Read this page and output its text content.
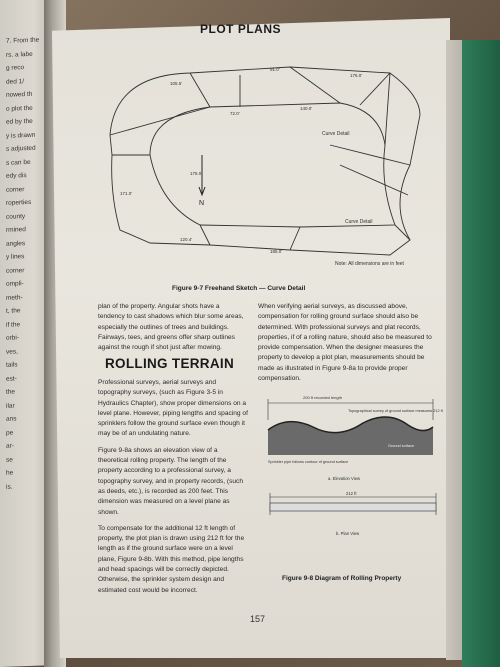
7. From the
rs. a labe
g reco
ded 1/
nowed th
o plot the
ed by the
y is drawn
s adjusted
s can be
edy dis
corner
roperties
county
rmined
angles
y lines
corner
ompli-
meth-
t, the
if the
orbi-
ves,
tails
est-
the
ilar
ans
pe
ar-
se
he
is.
PLOT PLANS
105.5'
91.0'
176.0'
171.0'
120.4'
185.0'
72.0'
140.0'
175.0'
Curve Detail
Curve Detail
N
Note: All dimensions are in feet
Figure 9-7 Freehand Sketch — Curve Detail

plan of the property. Angular shots have a tendency to cast shadows which blur some areas, especially the outlines of trees and buildings. Fairways, tees, and greens offer sharp outlines against the rough if shot just after mowing.

ROLLING TERRAIN

Professional surveys, aerial surveys and topography surveys, (such as Figure 3-5 in Hydraulics Chapter), show proper dimensions on a level plane. However, piping lengths and spacing of sprinklers follow the ground surface even though it may be of an undulating nature.

Figure 9-8a shows an elevation view of a theoretical rolling property. The length of the property according to a professional survey, a topography survey, and in property records, (such as deeds, etc.), is recorded as 200 feet. This dimension was measured on a level plane as shown.

To compensate for the additional 12 ft length of property, the plot plan is drawn using 212 ft for the length as if the ground surface were on a level plane, Figure 9-8b. With this method, pipe lengths and head spacings will be correctly depicted. Otherwise, the sprinkler system design and estimated cost would be incorrect.

When verifying aerial surveys, as discussed above, compensation for rolling ground surface should also be determined. With professional surveys and plat records, properties, if of a rolling nature, should also be measured to provide compensation. When the designer measures the property to develop a plot plan, measurements should be made as illustrated in Figure 9-8a to provide proper compensation.

200 ft recorded length
Topographical survey of ground surface measures 212 ft
Ground surface
Sprinkler pipe follows contour of ground surface
a. Elevation View
212 ft
b. Plan View
Figure 9-8 Diagram of Rolling Property
157
